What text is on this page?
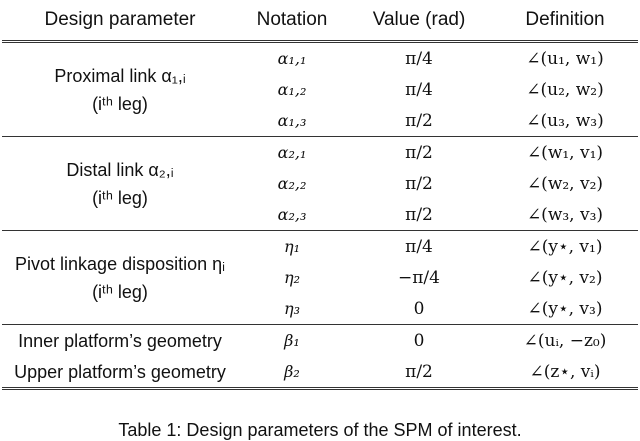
Design parameter	Notation	Value (rad)	Definition

Proximal link α₁,ᵢ
(iᵗʰ leg)	α₁,₁	π/4	∠(u₁, w₁)
	α₁,₂	π/4	∠(u₂, w₂)
	α₁,₃	π/2	∠(u₃, w₃)

Distal link α₂,ᵢ
(iᵗʰ leg)	α₂,₁	π/2	∠(w₁, v₁)
	α₂,₂	π/2	∠(w₂, v₂)
	α₂,₃	π/2	∠(w₃, v₃)

Pivot linkage disposition ηᵢ
(iᵗʰ leg)	η₁	π/4	∠(y⋆, v₁)
	η₂	−π/4	∠(y⋆, v₂)
	η₃	0	∠(y⋆, v₃)
Inner platform’s geometry	β₁	0	∠(uᵢ, −z₀)
Upper platform’s geometry	β₂	π/2	∠(z⋆, vᵢ)
Table 1: Design parameters of the SPM of interest.
